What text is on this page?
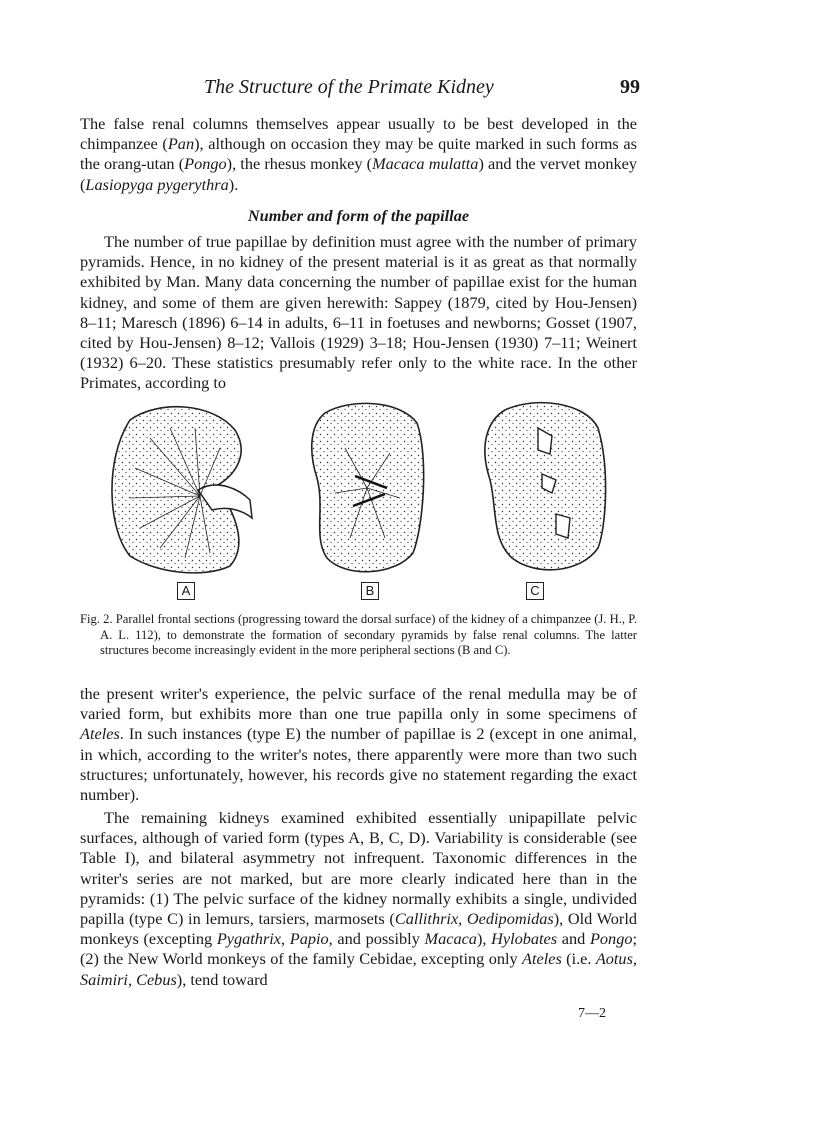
The Structure of the Primate Kidney	99

The false renal columns themselves appear usually to be best developed in the chimpanzee (Pan), although on occasion they may be quite marked in such forms as the orang-utan (Pongo), the rhesus monkey (Macaca mulatta) and the vervet monkey (Lasiopyga pygerythra).

Number and form of the papillae

The number of true papillae by definition must agree with the number of primary pyramids. Hence, in no kidney of the present material is it as great as that normally exhibited by Man. Many data concerning the number of papillae exist for the human kidney, and some of them are given herewith: Sappey (1879, cited by Hou-Jensen) 8–11; Maresch (1896) 6–14 in adults, 6–11 in foetuses and newborns; Gosset (1907, cited by Hou-Jensen) 8–12; Vallois (1929) 3–18; Hou-Jensen (1930) 7–11; Weinert (1932) 6–20. These statistics presumably refer only to the white race. In the other Primates, according to

A	B	C

Fig. 2. Parallel frontal sections (progressing toward the dorsal surface) of the kidney of a chimpanzee (J. H., P. A. L. 112), to demonstrate the formation of secondary pyramids by false renal columns. The latter structures become increasingly evident in the more peripheral sections (B and C).

the present writer's experience, the pelvic surface of the renal medulla may be of varied form, but exhibits more than one true papilla only in some specimens of Ateles. In such instances (type E) the number of papillae is 2 (except in one animal, in which, according to the writer's notes, there apparently were more than two such structures; unfortunately, however, his records give no statement regarding the exact number).

The remaining kidneys examined exhibited essentially unipapillate pelvic surfaces, although of varied form (types A, B, C, D). Variability is considerable (see Table I), and bilateral asymmetry not infrequent. Taxonomic differences in the writer's series are not marked, but are more clearly indicated here than in the pyramids: (1) The pelvic surface of the kidney normally exhibits a single, undivided papilla (type C) in lemurs, tarsiers, marmosets (Callithrix, Oedipomidas), Old World monkeys (excepting Pygathrix, Papio, and possibly Macaca), Hylobates and Pongo; (2) the New World monkeys of the family Cebidae, excepting only Ateles (i.e. Aotus, Saimiri, Cebus), tend toward

7—2
